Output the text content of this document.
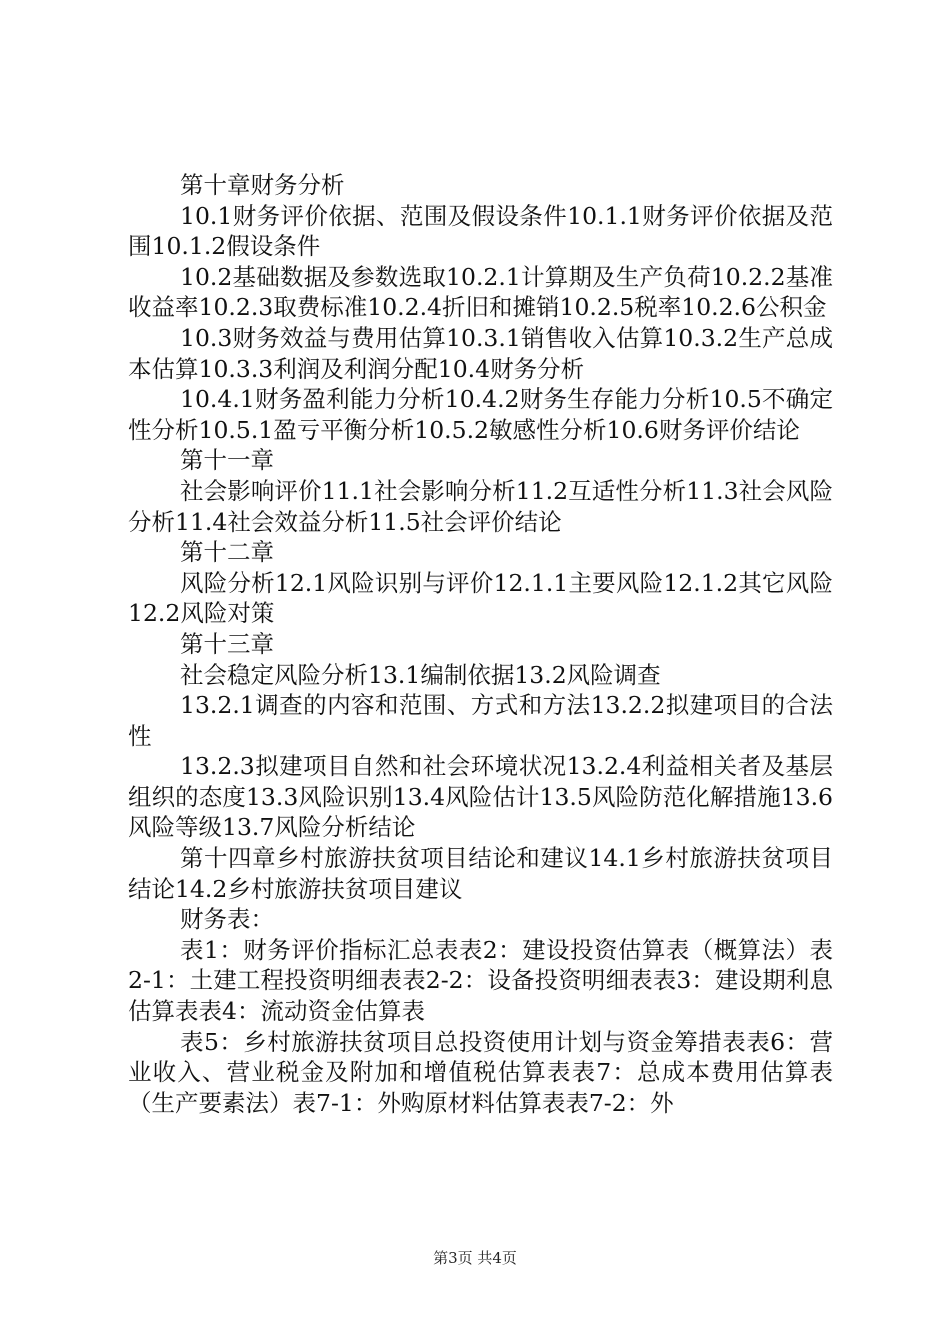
第十章财务分析

10.1财务评价依据、范围及假设条件10.1.1财务评价依据及范围10.1.2假设条件

10.2基础数据及参数选取10.2.1计算期及生产负荷10.2.2基准收益率10.2.3取费标准10.2.4折旧和摊销10.2.5税率10.2.6公积金

10.3财务效益与费用估算10.3.1销售收入估算10.3.2生产总成本估算10.3.3利润及利润分配10.4财务分析

10.4.1财务盈利能力分析10.4.2财务生存能力分析10.5不确定性分析10.5.1盈亏平衡分析10.5.2敏感性分析10.6财务评价结论

第十一章

社会影响评价11.1社会影响分析11.2互适性分析11.3社会风险分析11.4社会效益分析11.5社会评价结论

第十二章

风险分析12.1风险识别与评价12.1.1主要风险12.1.2其它风险12.2风险对策

第十三章

社会稳定风险分析13.1编制依据13.2风险调查

13.2.1调查的内容和范围、方式和方法13.2.2拟建项目的合法性

13.2.3拟建项目自然和社会环境状况13.2.4利益相关者及基层组织的态度13.3风险识别13.4风险估计13.5风险防范化解措施13.6风险等级13.7风险分析结论

第十四章乡村旅游扶贫项目结论和建议14.1乡村旅游扶贫项目结论14.2乡村旅游扶贫项目建议

财务表：

表1：财务评价指标汇总表表2：建设投资估算表（概算法）表2-1：土建工程投资明细表表2-2：设备投资明细表表3：建设期利息估算表表4：流动资金估算表

表5：乡村旅游扶贫项目总投资使用计划与资金筹措表表6：营业收入、营业税金及附加和增值税估算表表7：总成本费用估算表（生产要素法）表7-1：外购原材料估算表表7-2：外

第3页 共4页
